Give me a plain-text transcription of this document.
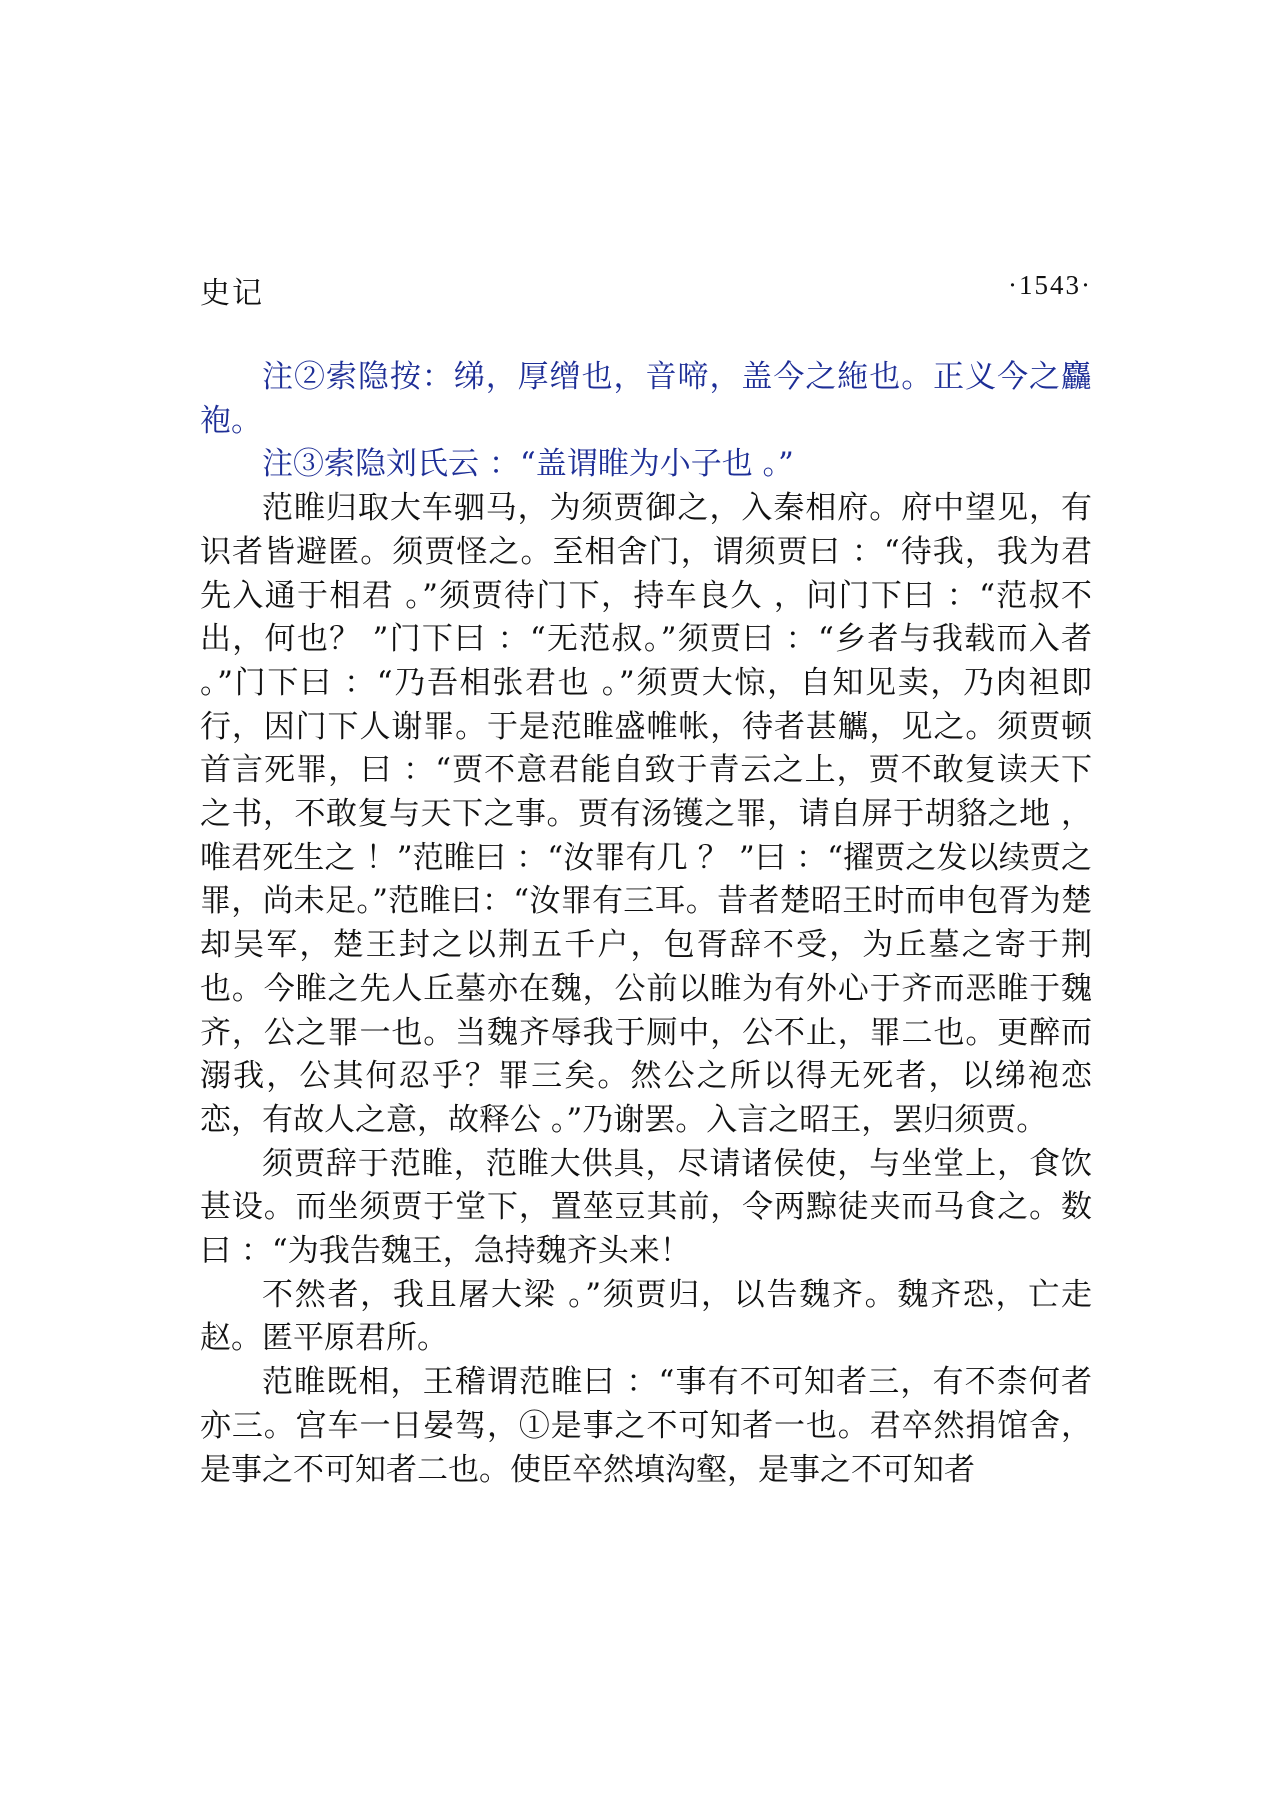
史记	·1543·

注②索隐按：绨，厚缯也，音啼，盖今之絁也。正义今之麤袍。

注③索隐刘氏云 ：“盖谓睢为小子也 。”

范睢归取大车驷马，为须贾御之，入秦相府。府中望见，有识者皆避匿。须贾怪之。至相舍门，谓须贾曰 ：“待我，我为君先入通于相君 。”须贾待门下，持车良久 ，问门下曰 ：“范叔不出，何也？ ”门下曰 ：“无范叔。”须贾曰 ：“乡者与我载而入者 。”门下曰 ：“乃吾相张君也 。”须贾大惊，自知见卖，乃肉袒即行，因门下人谢罪。于是范睢盛帷帐，待者甚觽，见之。须贾顿首言死罪，曰 ：“贾不意君能自致于青云之上，贾不敢复读天下之书，不敢复与天下之事。贾有汤镬之罪，请自屏于胡貉之地 ，唯君死生之 ！”范睢曰 ：“汝罪有几 ？ ”曰 ：“擢贾之发以续贾之罪，尚未足。”范睢曰：“汝罪有三耳。昔者楚昭王时而申包胥为楚却吴军，楚王封之以荆五千户，包胥辞不受，为丘墓之寄于荆也。今睢之先人丘墓亦在魏，公前以睢为有外心于齐而恶睢于魏齐，公之罪一也。当魏齐辱我于厕中，公不止，罪二也。更醉而溺我，公其何忍乎？罪三矣。然公之所以得无死者，以绨袍恋恋，有故人之意，故释公 。”乃谢罢。入言之昭王，罢归须贾。

须贾辞于范睢，范睢大供具，尽请诸侯使，与坐堂上，食饮甚设。而坐须贾于堂下，置莝豆其前，令两黥徒夹而马食之。数曰 ：“为我告魏王，急持魏齐头来！

不然者，我且屠大梁 。”须贾归，以告魏齐。魏齐恐，亡走赵。匿平原君所。

范睢既相，王稽谓范睢曰 ：“事有不可知者三，有不柰何者亦三。宫车一日晏驾，①是事之不可知者一也。君卒然捐馆舍，是事之不可知者二也。使臣卒然填沟壑，是事之不可知者
